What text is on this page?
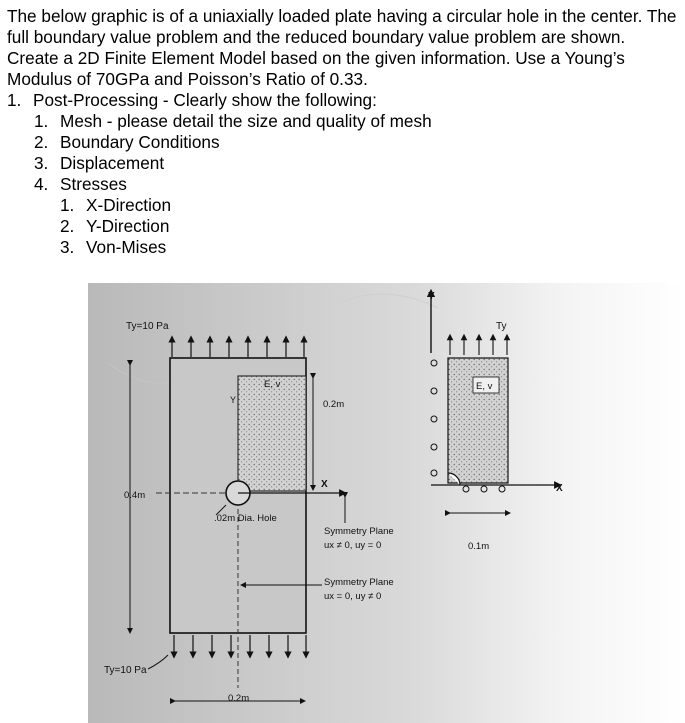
The below graphic is of a uniaxially loaded plate having a circular hole in the center. The full boundary value problem and the reduced boundary value problem are shown. Create a 2D Finite Element Model based on the given information. Use a Young’s Modulus of 70GPa and Poisson’s Ratio of 0.33.

1. Post-Processing - Clearly show the following:
1. Mesh - please detail the size and quality of mesh
2. Boundary Conditions
3. Displacement
4. Stresses
1. X-Direction
2. Y-Direction
3. Von-Mises
Ty=10 Pa
E, v
Y
X
0.2m
0.4m
.02m Dia. Hole
Symmetry Plane
ux ≠ 0, uy = 0
Symmetry Plane
ux = 0, uy ≠ 0
Ty=10 Pa
0.2m
Y
Ty
E, v
X
0.1m
